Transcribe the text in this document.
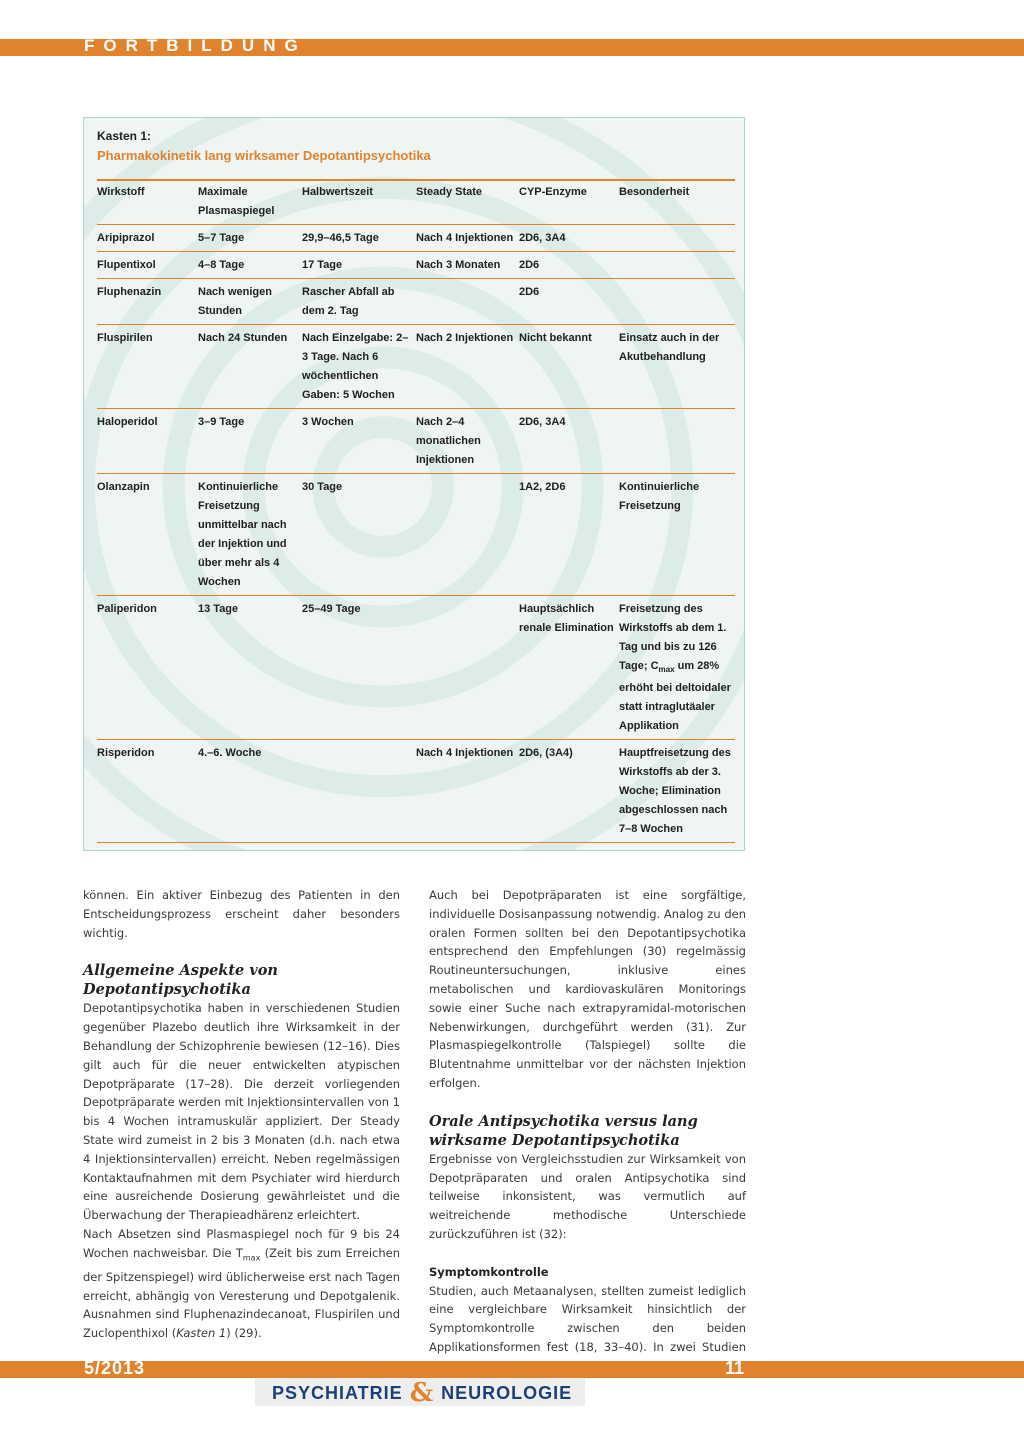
FORTBILDUNG
Kasten 1:
Pharmakokinetik lang wirksamer Depotantipsychotika
Wirkstoff	Maximale Plasmaspiegel	Halbwertszeit	Steady State	CYP-Enzyme	Besonderheit
Aripiprazol	5–7 Tage	29,9–46,5 Tage	Nach 4 Injektionen	2D6, 3A4	
Flupentixol	4–8 Tage	17 Tage	Nach 3 Monaten	2D6	
Fluphenazin	Nach wenigen Stunden	Rascher Abfall ab dem 2. Tag		2D6	
Fluspirilen	Nach 24 Stunden	Nach Einzelgabe: 2–3 Tage. Nach 6 wöchentlichen Gaben: 5 Wochen	Nach 2 Injektionen	Nicht bekannt	Einsatz auch in der Akutbehandlung
Haloperidol	3–9 Tage	3 Wochen	Nach 2–4 monatlichen Injektionen	2D6, 3A4	
Olanzapin	Kontinuierliche Freisetzung unmittelbar nach der Injektion und über mehr als 4 Wochen	30 Tage		1A2, 2D6	Kontinuierliche Freisetzung
Paliperidon	13 Tage	25–49 Tage		Hauptsächlich renale Elimination	Freisetzung des Wirkstoffs ab dem 1. Tag und bis zu 126 Tage; $C_{max}$ um 28% erhöht bei deltoidaler statt intraglutäaler Applikation
Risperidon	4.–6. Woche		Nach 4 Injektionen	2D6, (3A4)	Hauptfreisetzung des Wirkstoffs ab der 3. Woche; Elimination abgeschlossen nach 7–8 Wochen

können. Ein aktiver Einbezug des Patienten in den Entscheidungsprozess erscheint daher besonders wichtig.

Allgemeine Aspekte von Depotantipsychotika

Depotantipsychotika haben in verschiedenen Studien gegenüber Plazebo deutlich ihre Wirksamkeit in der Behandlung der Schizophrenie bewiesen (12–16). Dies gilt auch für die neuer entwickelten atypischen Depotpräparate (17–28). Die derzeit vorliegenden Depotpräparate werden mit Injektionsintervallen von 1 bis 4 Wochen intramuskulär appliziert. Der Steady State wird zumeist in 2 bis 3 Monaten (d.h. nach etwa 4 Injektionsintervallen) erreicht. Neben regelmässigen Kontaktaufnahmen mit dem Psychiater wird hierdurch eine ausreichende Dosierung gewährleistet und die Überwachung der Therapieadhärenz erleichtert.

Nach Absetzen sind Plasmaspiegel noch für 9 bis 24 Wochen nachweisbar. Die $T_{max}$ (Zeit bis zum Erreichen der Spitzenspiegel) wird üblicherweise erst nach Tagen erreicht, abhängig von Veresterung und Depotgalenik. Ausnahmen sind Fluphenazindecanoat, Fluspirilen und Zuclopenthixol (Kasten 1) (29).

Auch bei Depotpräparaten ist eine sorgfältige, individuelle Dosisanpassung notwendig. Analog zu den oralen Formen sollten bei den Depotantipsychotika entsprechend den Empfehlungen (30) regelmässig Routineuntersuchungen, inklusive eines metabolischen und kardiovaskulären Monitorings sowie einer Suche nach extrapyramidal-motorischen Nebenwirkungen, durchgeführt werden (31). Zur Plasmaspiegelkontrolle (Talspiegel) sollte die Blutentnahme unmittelbar vor der nächsten Injektion erfolgen.

Orale Antipsychotika versus lang wirksame Depotantipsychotika

Ergebnisse von Vergleichsstudien zur Wirksamkeit von Depotpräparaten und oralen Antipsychotika sind teilweise inkonsistent, was vermutlich auf weitreichende methodische Unterschiede zurückzuführen ist (32):

Symptomkontrolle

Studien, auch Metaanalysen, stellten zumeist lediglich eine vergleichbare Wirksamkeit hinsichtlich der Symptomkontrolle zwischen den beiden Applikationsformen fest (18, 33–40). In zwei Studien

5/2013	11
PSYCHIATRIE & NEUROLOGIE
